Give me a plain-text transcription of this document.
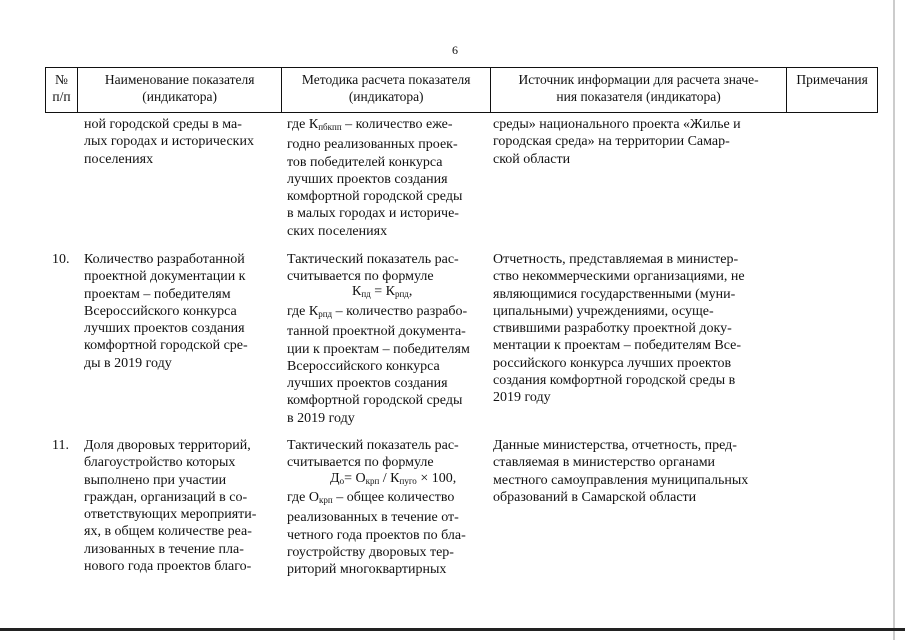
6
№
п/п
Наименование показателя
(индикатора)
Методика расчета показателя
(индикатора)
Источник информации для расчета значе-
ния показателя (индикатора)
Примечания
ной городской среды в ма-
лых городах и исторических
поселениях
где $К_{пбкпп}$ – количество еже-
годно реализованных проек-
тов победителей конкурса
лучших проектов создания
комфортной городской среды
в малых городах и историче-
ских поселениях
среды» национального проекта «Жилье и
городская среда» на территории Самар-
ской области
10. Количество разработанной
проектной документации к
проектам – победителям
Всероссийского конкурса
лучших проектов создания
комфортной городской сре-
ды в 2019 году
Тактический показатель рас-
считывается по формуле
$К_{пд} = К_{рпд}$,
где $К_{рпд}$ – количество разрабо-
танной проектной документа-
ции к проектам – победителям
Всероссийского конкурса
лучших проектов создания
комфортной городской среды
в 2019 году
Отчетность, представляемая в министер-
ство некоммерческими организациями, не
являющимися государственными (муни-
ципальными) учреждениями, осуще-
ствившими разработку проектной доку-
ментации к проектам – победителям Все-
российского конкурса лучших проектов
создания комфортной городской среды в
2019 году
11. Доля дворовых территорий,
благоустройство которых
выполнено при участии
граждан, организаций в со-
ответствующих мероприяти-
ях, в общем количестве реа-
лизованных в течение пла-
нового года проектов благо-
Тактический показатель рас-
считывается по формуле
$Д_о= О_{крп} / К_{пуго} \times 100$,
где $О_{крп}$ – общее количество
реализованных в течение от-
четного года проектов по бла-
гоустройству дворовых тер-
риторий многоквартирных
Данные министерства, отчетность, пред-
ставляемая в министерство органами
местного самоуправления муниципальных
образований в Самарской области
